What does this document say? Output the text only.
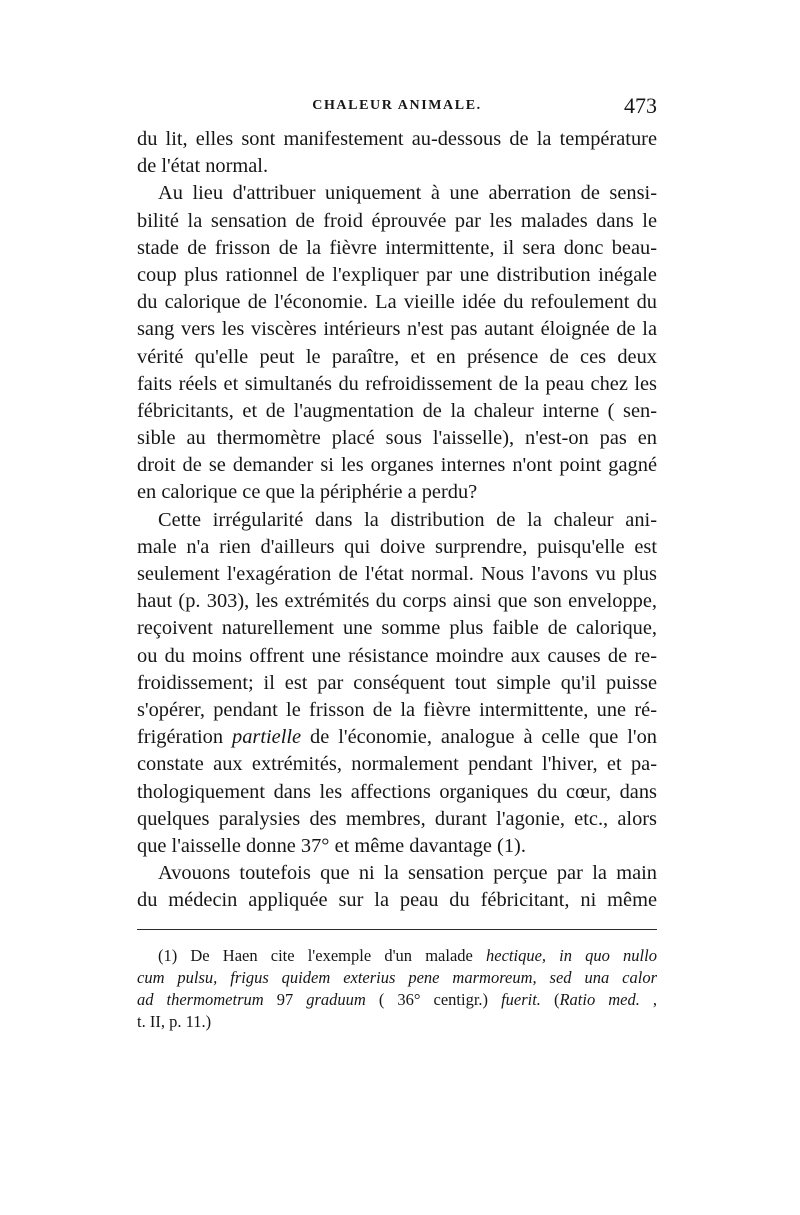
CHALEUR ANIMALE.	473
du lit, elles sont manifestement au-dessous de la température
de l'état normal.
Au lieu d'attribuer uniquement à une aberration de sensi-
bilité la sensation de froid éprouvée par les malades dans le
stade de frisson de la fièvre intermittente, il sera donc beau-
coup plus rationnel de l'expliquer par une distribution inégale
du calorique de l'économie. La vieille idée du refoulement du
sang vers les viscères intérieurs n'est pas autant éloignée de la
vérité qu'elle peut le paraître, et en présence de ces deux
faits réels et simultanés du refroidissement de la peau chez les
fébricitants, et de l'augmentation de la chaleur interne ( sen-
sible au thermomètre placé sous l'aisselle), n'est-on pas en
droit de se demander si les organes internes n'ont point gagné
en calorique ce que la périphérie a perdu?
Cette irrégularité dans la distribution de la chaleur ani-
male n'a rien d'ailleurs qui doive surprendre, puisqu'elle est
seulement l'exagération de l'état normal. Nous l'avons vu plus
haut (p. 303), les extrémités du corps ainsi que son enveloppe,
reçoivent naturellement une somme plus faible de calorique,
ou du moins offrent une résistance moindre aux causes de re-
froidissement; il est par conséquent tout simple qu'il puisse
s'opérer, pendant le frisson de la fièvre intermittente, une ré-
frigération partielle de l'économie, analogue à celle que l'on
constate aux extrémités, normalement pendant l'hiver, et pa-
thologiquement dans les affections organiques du cœur, dans
quelques paralysies des membres, durant l'agonie, etc., alors
que l'aisselle donne 37° et même davantage (1).
Avouons toutefois que ni la sensation perçue par la main
du médecin appliquée sur la peau du fébricitant, ni même
(1) De Haen cite l'exemple d'un malade hectique, in quo nullo
cum pulsu, frigus quidem exterius pene marmoreum, sed una calor
ad thermometrum 97 graduum ( 36° centigr.) fuerit. (Ratio med. ,
t. II, p. 11.)
